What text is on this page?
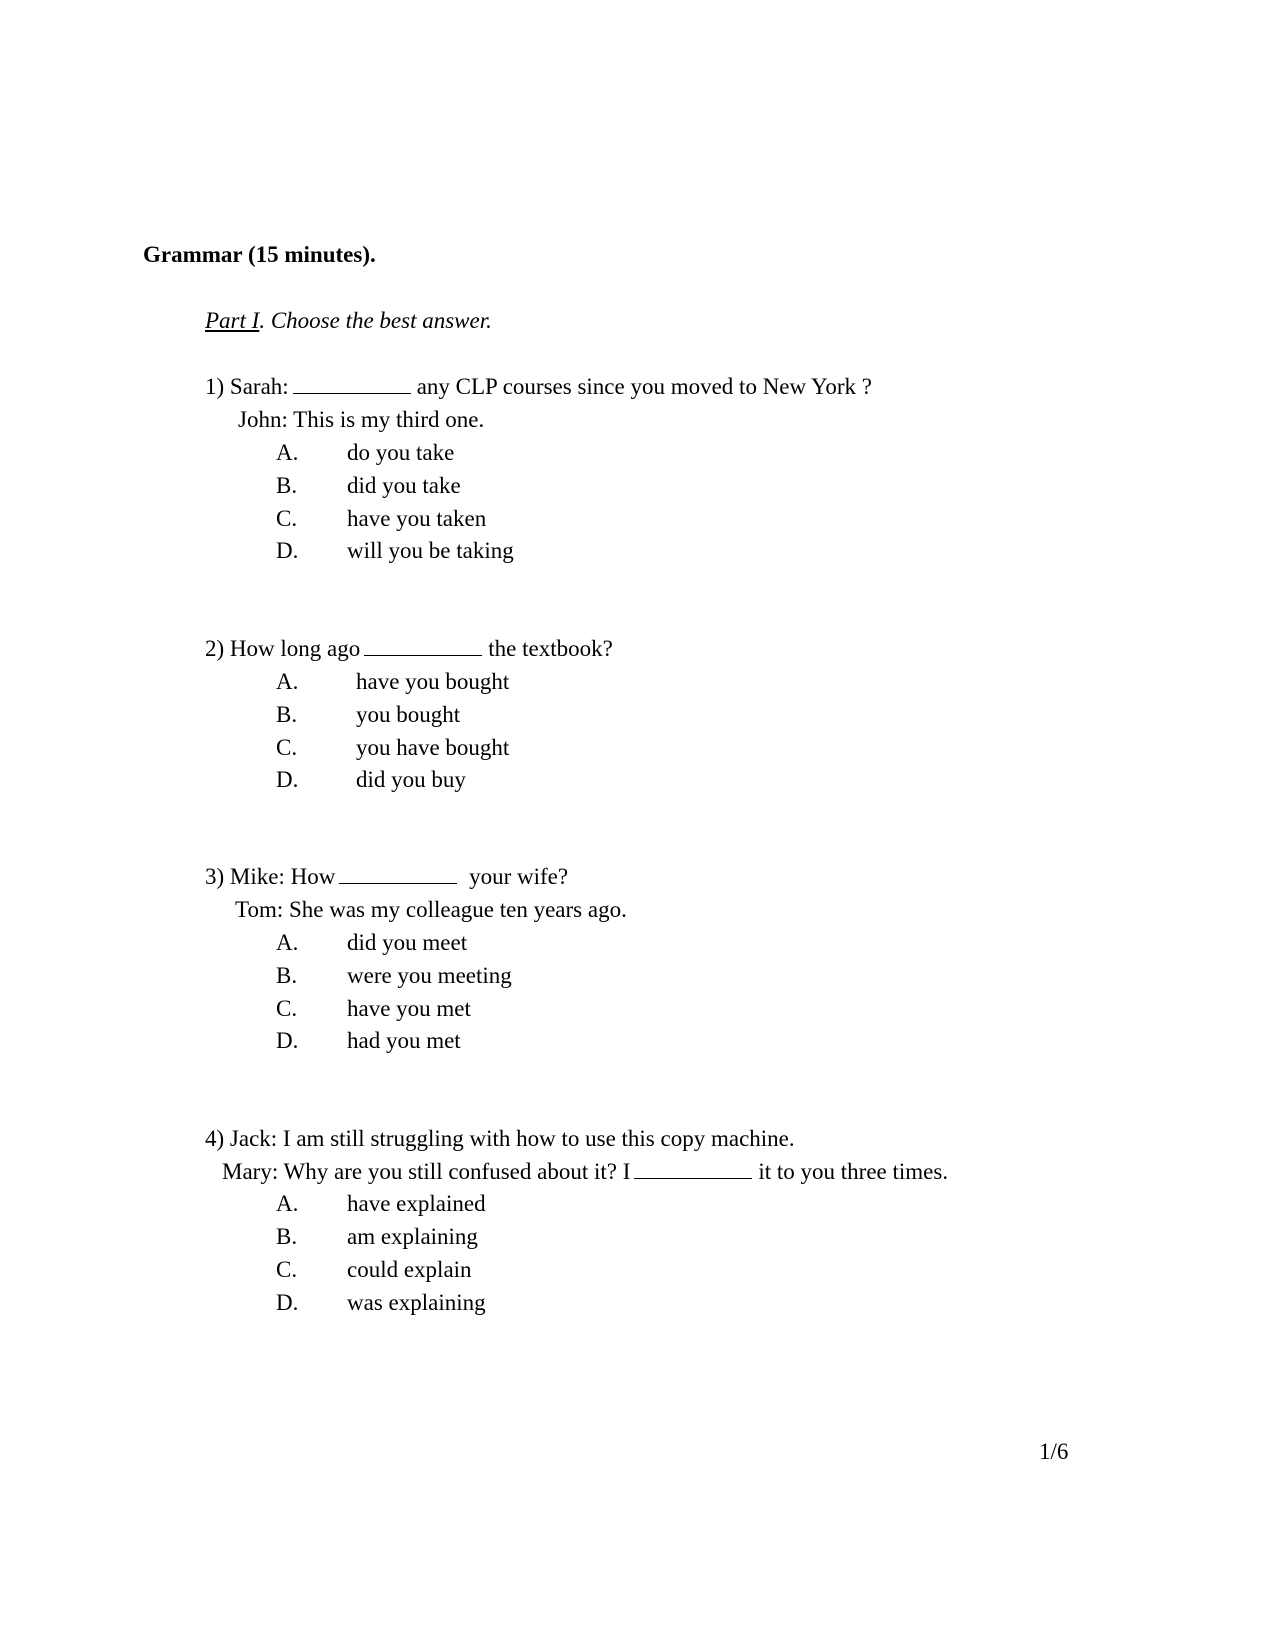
Grammar (15 minutes).
Part I. Choose the best answer.
1) Sarah:	any CLP courses since you moved to New York ?
John: This is my third one.
A. do you take
B. did you take
C. have you taken
D. will you be taking
2) How long ago	the textbook?
A.	have you bought
B.	you bought
C.	you have bought
D.	did you buy
3) Mike: How	your wife?
Tom: She was my colleague ten years ago.
A. did you meet
B. were you meeting
C. have you met
D. had you met
4) Jack: I am still struggling with how to use this copy machine.
Mary: Why are you still confused about it? I	it to you three times.
A. have explained
B. am explaining
C. could explain
D. was explaining
1/6
